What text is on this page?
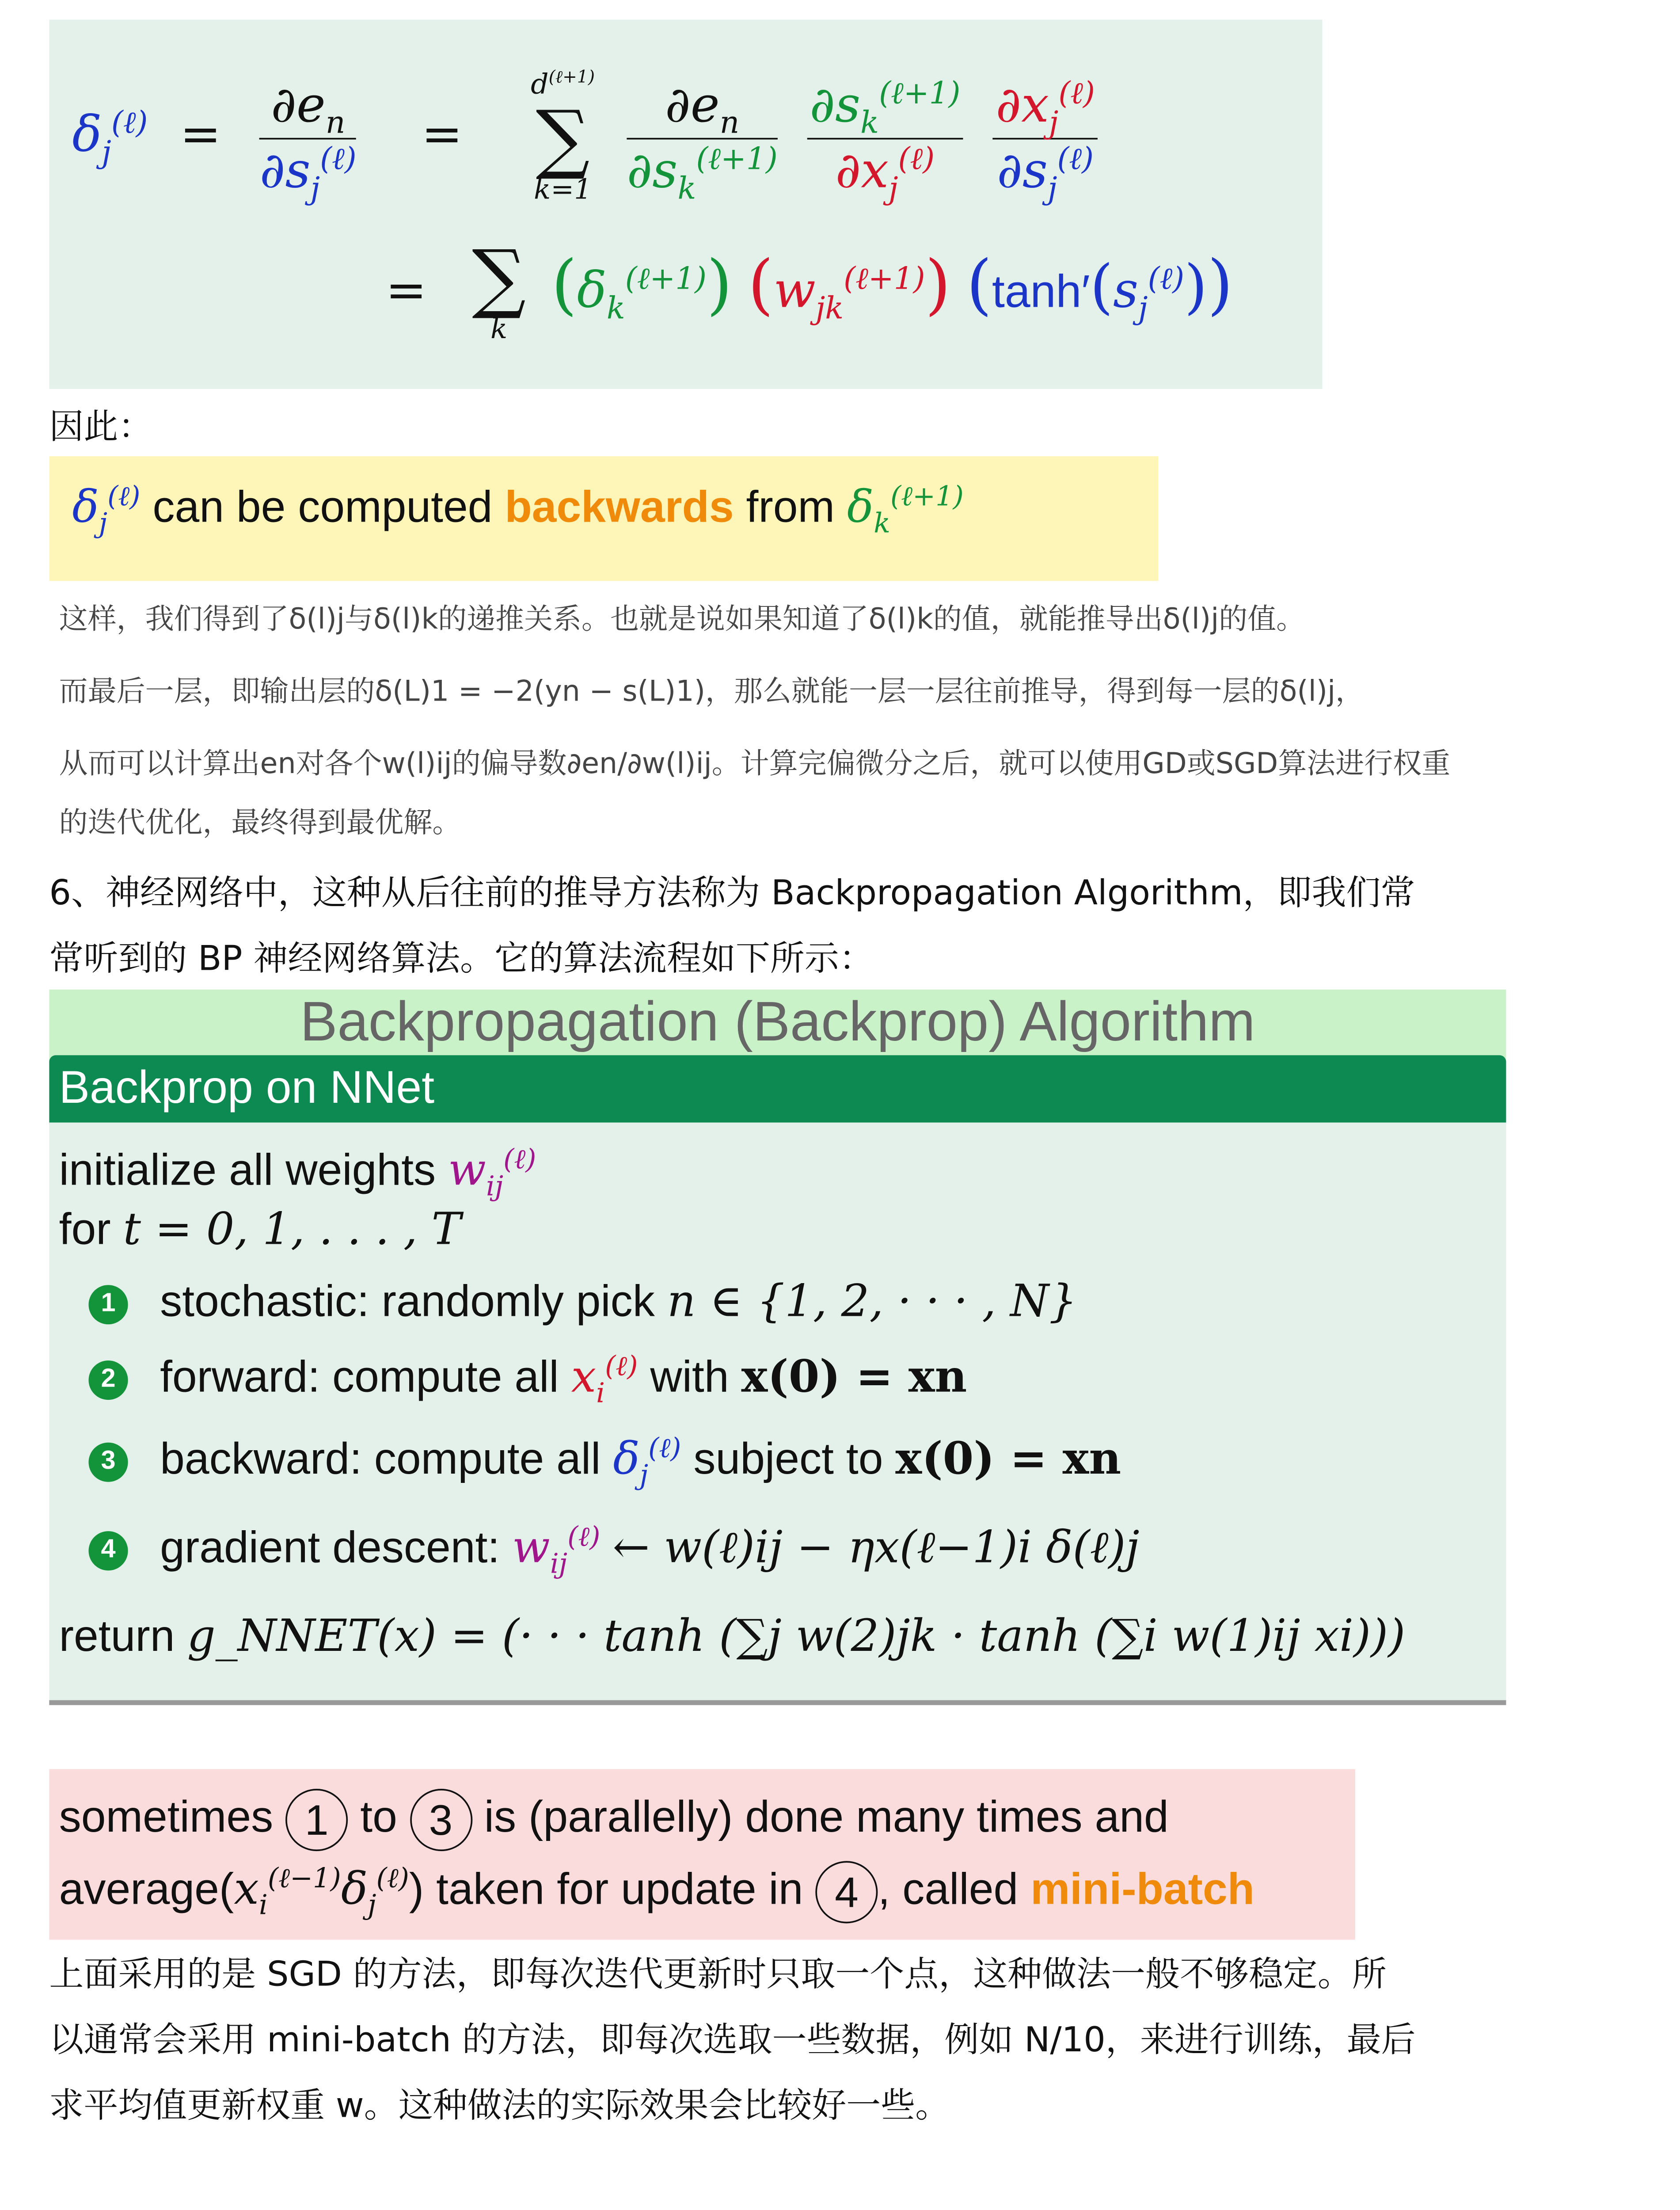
$\delta_j^{(\ell)}$ =	$\frac{\partial e_n}{\partial s_j^{(\ell)}}$	=
$d^{(\ell+1)}$
∑
k=1
	$\frac{\partial e_n}{\partial s_k^{(\ell+1)}}$
$\frac{\partial s_k^{(\ell+1)}}{\partial x_j^{(\ell)}}$
$\frac{\partial x_j^{(\ell)}}{\partial s_j^{(\ell)}}$
= ∑
k
$(\delta_k^{(\ell+1)})$ $(w_{jk}^{(\ell+1)})$ $(\tanh'(s_j^{(\ell)}))$
因此：
$\delta_j^{(\ell)}$ can be computed backwards from $\delta_k^{(\ell+1)}$
这样，我们得到了δ(l)j与δ(l)k的递推关系。也就是说如果知道了δ(l)k的值，就能推导出δ(l)j的值。
而最后一层，即输出层的δ(L)1 = −2(yn − s(L)1)，那么就能一层一层往前推导，得到每一层的δ(l)j，
从而可以计算出en对各个w(l)ij的偏导数∂en/∂w(l)ij。计算完偏微分之后，就可以使用GD或SGD算法进行权重
的迭代优化，最终得到最优解。
6、神经网络中，这种从后往前的推导方法称为 Backpropagation Algorithm，即我们常
常听到的 BP 神经网络算法。它的算法流程如下所示：
Backpropagation (Backprop) Algorithm
Backprop on NNet
initialize all weights $w_{ij}^{(\ell)}$
for t = 0, 1, . . . , T
1	stochastic: randomly pick n ∈ {1, 2, · · · , N}
2	forward: compute all $x_i^{(\ell)}$ with x(0) = xn
3	backward: compute all $\delta_j^{(\ell)}$ subject to x(0) = xn
4	gradient descent: $w_{ij}^{(\ell)}$ ← w(ℓ)ij − ηx(ℓ−1)i δ(ℓ)j
return g_NNET(x) = (· · · tanh (∑j w(2)jk · tanh (∑i w(1)ij xi)))
sometimes	1	to	3	is (parallelly) done many times and
$average(x_i^{(\ell-1)}\delta_j^{(\ell)})$ taken for update in	4 , called mini-batch
上面采用的是 SGD 的方法，即每次迭代更新时只取一个点，这种做法一般不够稳定。所
以通常会采用 mini-batch 的方法，即每次选取一些数据，例如 N/10，来进行训练，最后
求平均值更新权重 w。这种做法的实际效果会比较好一些。
